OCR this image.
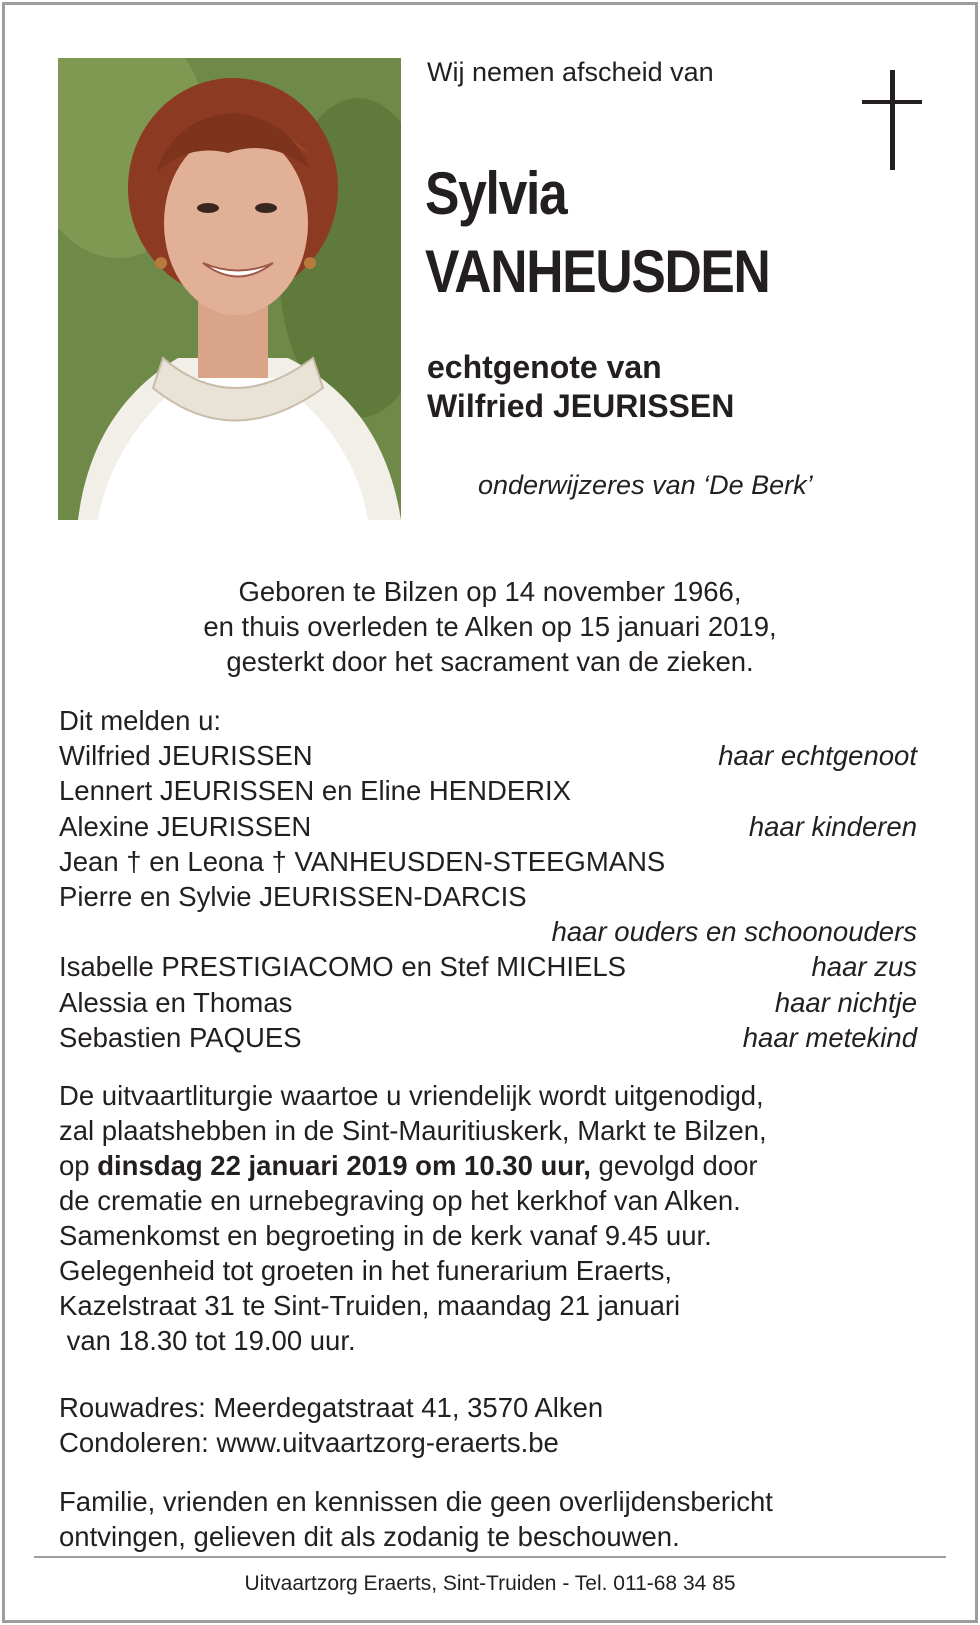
Wij nemen afscheid van
Sylvia
VANHEUSDEN
echtgenote van
Wilfried JEURISSEN
onderwijzeres van ‘De Berk’
Geboren te Bilzen op 14 november 1966,
en thuis overleden te Alken op 15 januari 2019,
gesterkt door het sacrament van de zieken.
Dit melden u:
Wilfried JEURISSEN	haar echtgenoot
Lennert JEURISSEN en Eline HENDERIX
Alexine JEURISSEN	haar kinderen
Jean † en Leona † VANHEUSDEN-STEEGMANS
Pierre en Sylvie JEURISSEN-DARCIS
haar ouders en schoonouders
Isabelle PRESTIGIACOMO en Stef MICHIELS	haar zus
Alessia en Thomas	haar nichtje
Sebastien PAQUES	haar metekind
De uitvaartliturgie waartoe u vriendelijk wordt uitgenodigd,
zal plaatshebben in de Sint-Mauritiuskerk, Markt te Bilzen,
op dinsdag 22 januari 2019 om 10.30 uur, gevolgd door
de crematie en urnebegraving op het kerkhof van Alken.
Samenkomst en begroeting in de kerk vanaf 9.45 uur.
Gelegenheid tot groeten in het funerarium Eraerts,
Kazelstraat 31 te Sint-Truiden, maandag 21 januari
van 18.30 tot 19.00 uur.
Rouwadres: Meerdegatstraat 41, 3570 Alken
Condoleren: www.uitvaartzorg-eraerts.be
Familie, vrienden en kennissen die geen overlijdensbericht
ontvingen, gelieven dit als zodanig te beschouwen.
Uitvaartzorg Eraerts, Sint-Truiden - Tel. 011-68 34 85
